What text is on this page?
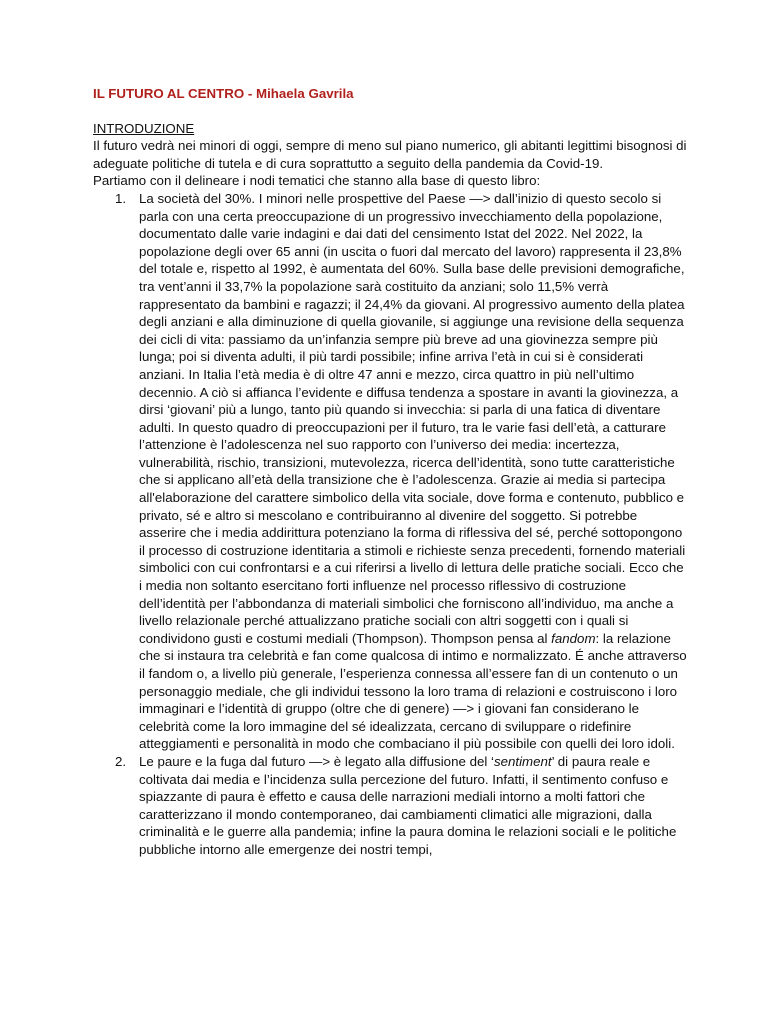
IL FUTURO AL CENTRO - Mihaela Gavrila

INTRODUZIONE

Il futuro vedrà nei minori di oggi, sempre di meno sul piano numerico, gli abitanti legittimi bisognosi di adeguate politiche di tutela e di cura soprattutto a seguito della pandemia da Covid-19.

Partiamo con il delineare i nodi tematici che stanno alla base di questo libro:

1. La società del 30%. I minori nelle prospettive del Paese —> dall’inizio di questo secolo si parla con una certa preoccupazione di un progressivo invecchiamento della popolazione, documentato dalle varie indagini e dai dati del censimento Istat del 2022. Nel 2022, la popolazione degli over 65 anni (in uscita o fuori dal mercato del lavoro) rappresenta il 23,8% del totale e, rispetto al 1992, è aumentata del 60%. Sulla base delle previsioni demografiche, tra vent’anni il 33,7% la popolazione sarà costituito da anziani; solo 11,5% verrà rappresentato da bambini e ragazzi; il 24,4% da giovani. Al progressivo aumento della platea degli anziani e alla diminuzione di quella giovanile, si aggiunge una revisione della sequenza dei cicli di vita: passiamo da un’infanzia sempre più breve ad una giovinezza sempre più lunga; poi si diventa adulti, il più tardi possibile; infine arriva l’età in cui si è considerati anziani. In Italia l’età media è di oltre 47 anni e mezzo, circa quattro in più nell’ultimo decennio. A ciò si affianca l’evidente e diffusa tendenza a spostare in avanti la giovinezza, a dirsi ‘giovani’ più a lungo, tanto più quando si invecchia: si parla di una fatica di diventare adulti. In questo quadro di preoccupazioni per il futuro, tra le varie fasi dell’età, a catturare l’attenzione è l’adolescenza nel suo rapporto con l’universo dei media: incertezza, vulnerabilità, rischio, transizioni, mutevolezza, ricerca dell’identità, sono tutte caratteristiche che si applicano all’età della transizione che è l’adolescenza. Grazie ai media si partecipa all'elaborazione del carattere simbolico della vita sociale, dove forma e contenuto, pubblico e privato, sé e altro si mescolano e contribuiranno al divenire del soggetto. Si potrebbe asserire che i media addirittura potenziano la forma di riflessiva del sé, perché sottopongono il processo di costruzione identitaria a stimoli e richieste senza precedenti, fornendo materiali simbolici con cui confrontarsi e a cui riferirsi a livello di lettura delle pratiche sociali. Ecco che i media non soltanto esercitano forti influenze nel processo riflessivo di costruzione dell’identità per l’abbondanza di materiali simbolici che forniscono all’individuo, ma anche a livello relazionale perché attualizzano pratiche sociali con altri soggetti con i quali si condividono gusti e costumi mediali (Thompson). Thompson pensa al fandom: la relazione che si instaura tra celebrità e fan come qualcosa di intimo e normalizzato. É anche attraverso il fandom o, a livello più generale, l’esperienza connessa all’essere fan di un contenuto o un personaggio mediale, che gli individui tessono la loro trama di relazioni e costruiscono i loro immaginari e l’identità di gruppo (oltre che di genere) —> i giovani fan considerano le celebrità come la loro immagine del sé idealizzata, cercano di sviluppare o ridefinire atteggiamenti e personalità in modo che combaciano il più possibile con quelli dei loro idoli.
2. Le paure e la fuga dal futuro —> è legato alla diffusione del ‘sentiment’ di paura reale e coltivata dai media e l’incidenza sulla percezione del futuro. Infatti, il sentimento confuso e spiazzante di paura è effetto e causa delle narrazioni mediali intorno a molti fattori che caratterizzano il mondo contemporaneo, dai cambiamenti climatici alle migrazioni, dalla criminalità e le guerre alla pandemia; infine la paura domina le relazioni sociali e le politiche pubbliche intorno alle emergenze dei nostri tempi,
